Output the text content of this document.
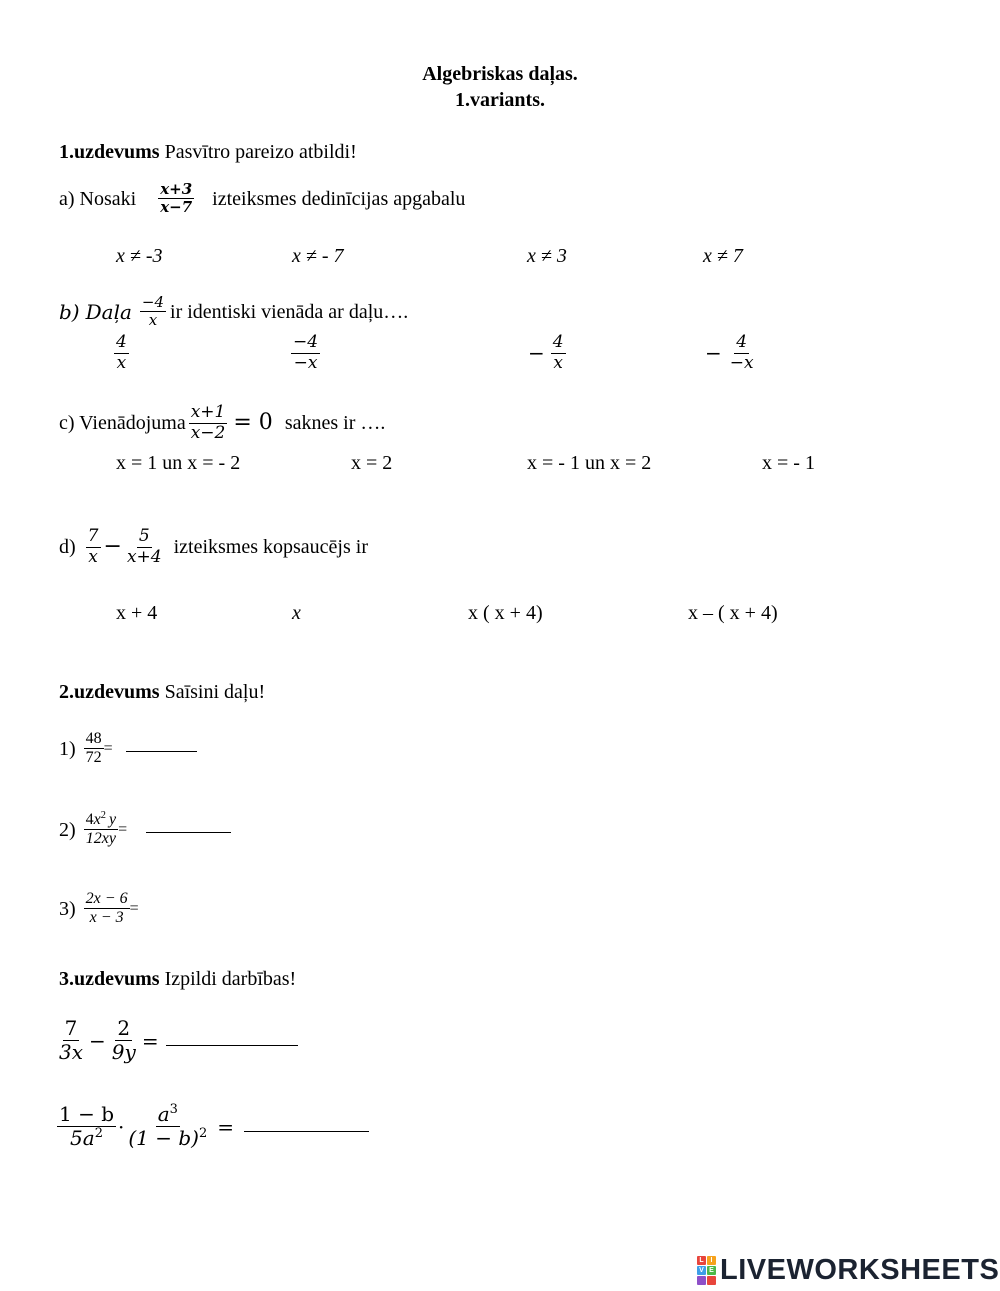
Algebriskas daļas.
1.variants.
1.uzdevums Pasvītro pareizo atbildi!
a) Nosaki $\frac{x+3}{x-7}$ izteiksmes dedinīcijas apgabalu
x ≠ -3	x ≠ - 7	x ≠ 3	x ≠ 7
b) Daļa $\frac{-4}{x}$ ir identiski vienāda ar daļu….
$\frac{4}{x}$	$\frac{-4}{-x}$	− $\frac{4}{x}$	− $\frac{4}{-x}$
c) Vienādojuma $\frac{x+1}{x-2} = 0$ saknes ir ….
x = 1 un x = - 2	x = 2	x = - 1 un x = 2	x = - 1
$d) \frac{7}{x} - \frac{5}{x+4}$ izteiksmes kopsaucējs ir
x + 4	x	x ( x + 4)	x – ( x + 4)
2.uzdevums Saīsini daļu!
$1) \frac{48}{72}$ =
$2) \frac{4x^2 y}{12xy}$ =
$3) \frac{2x - 6}{x - 3}$ =
3.uzdevums Izpildi darbības!
$\frac{7}{3x} - \frac{2}{9y}$ =
$\frac{1 - b}{5a^2} \cdot \frac{a^3}{(1 - b)^2}$ =
L I
V E LIVEWORKSHEETS
